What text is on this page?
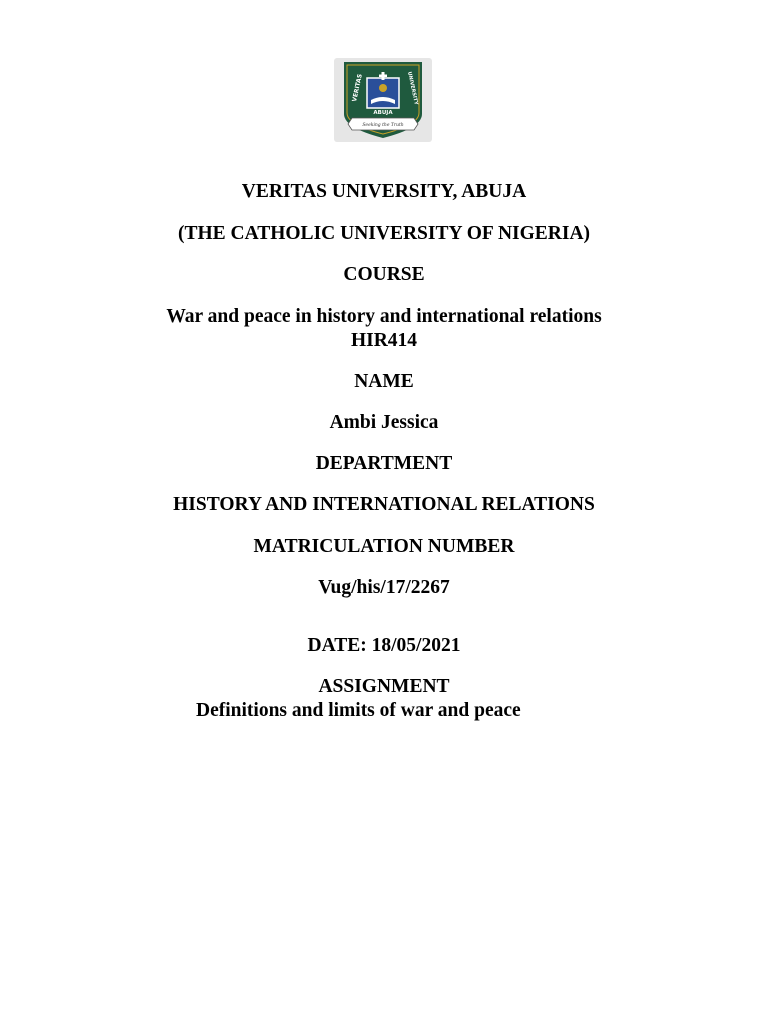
VERITAS	UNIVERSITY
ABUJA
Seeking the Truth
VERITAS UNIVERSITY, ABUJA
(THE CATHOLIC UNIVERSITY OF NIGERIA)
COURSE
War and peace in history and international relations
HIR414
NAME
Ambi Jessica
DEPARTMENT
HISTORY AND INTERNATIONAL RELATIONS
MATRICULATION NUMBER
Vug/his/17/2267
DATE: 18/05/2021
ASSIGNMENT
Definitions and limits of war and peace
